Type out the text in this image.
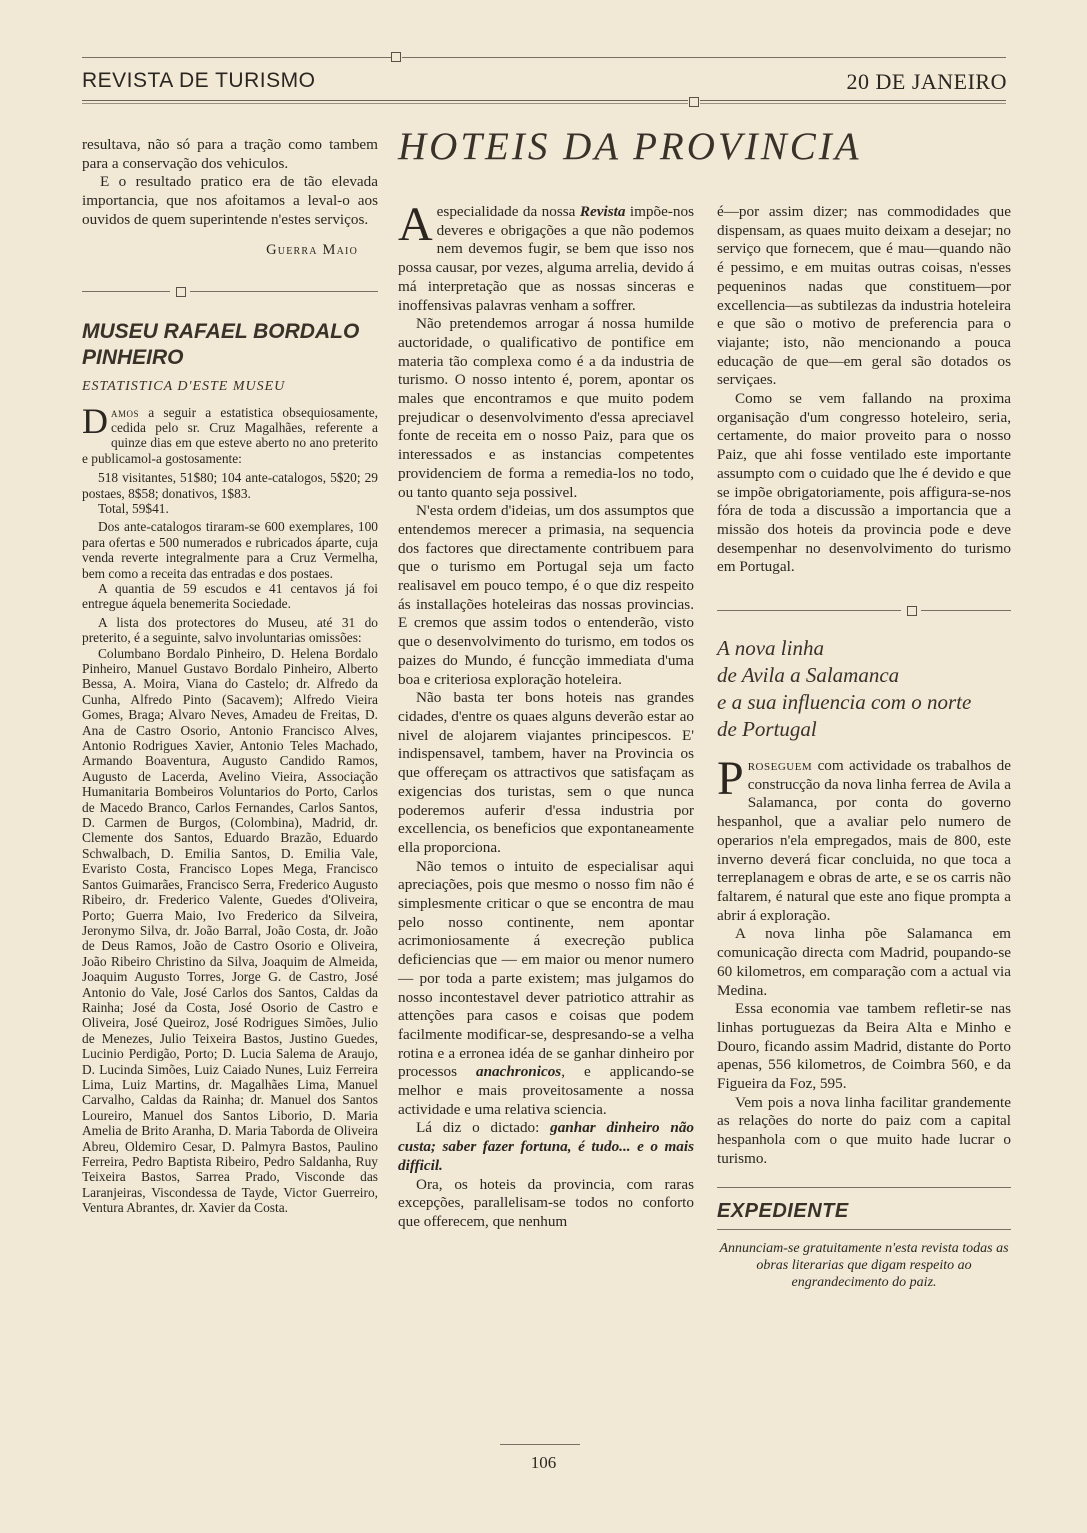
REVISTA DE TURISMO	20 DE JANEIRO

resultava, não só para a tração como tambem para a conservação dos vehiculos.

E o resultado pratico era de tão elevada importancia, que nos afoitamos a leval-o aos ouvidos de quem superintende n'estes serviços.

Guerra Maio
MUSEU RAFAEL BORDALO PINHEIRO
ESTATISTICA D'ESTE MUSEU

Damos a seguir a estatistica obsequiosamente, cedida pelo sr. Cruz Magalhães, referente a quinze dias em que esteve aberto no ano preterito e publicamol-a gostosamente:

518 visitantes, 51$80; 104 ante-catalogos, 5$20; 29 postaes, 8$58; donativos, 1$83.

Total, 59$41.

Dos ante-catalogos tiraram-se 600 exemplares, 100 para ofertas e 500 numerados e rubricados ápartе, cuja venda reverte integralmente para a Cruz Vermelha, bem como a receita das entradas e dos postaes.

A quantia de 59 escudos e 41 centavos já foi entregue áquela benemerita Sociedade.

A lista dos protectores do Museu, até 31 do preterito, é a seguinte, salvo involuntarias omissões:

Columbano Bordalo Pinheiro, D. Helena Bordalo Pinheiro, Manuel Gustavo Bordalo Pinheiro, Alberto Bessa, A. Moira, Viana do Castelo; dr. Alfredo da Cunha, Alfredo Pinto (Sacavem); Alfredo Vieira Gomes, Braga; Alvaro Neves, Amadeu de Freitas, D. Ana de Castro Osorio, Antonio Francisco Alves, Antonio Rodrigues Xavier, Antonio Teles Machado, Armando Boaventura, Augusto Candido Ramos, Augusto de Lacerda, Avelino Vieira, Associação Humanitaria Bombeiros Voluntarios do Porto, Carlos de Macedo Branco, Carlos Fernandes, Carlos Santos, D. Carmen de Burgos, (Colombina), Madrid, dr. Clemente dos Santos, Eduardo Brazão, Eduardo Schwalbach, D. Emilia Santos, D. Emilia Vale, Evaristo Costa, Francisco Lopes Mega, Francisco Santos Guimarães, Francisco Serra, Frederico Augusto Ribeiro, dr. Frederico Valente, Guedes d'Oliveira, Porto; Guerra Maio, Ivo Frederico da Silveira, Jeronymo Silva, dr. João Barral, João Costa, dr. João de Deus Ramos, João de Castro Osorio e Oliveira, João Ribeiro Christino da Silva, Joaquim de Almeida, Joaquim Augusto Torres, Jorge G. de Castro, José Antonio do Vale, José Carlos dos Santos, Caldas da Rainha; José da Costa, José Osorio de Castro e Oliveira, José Queiroz, José Rodrigues Simões, Julio de Menezes, Julio Teixeira Bastos, Justino Guedes, Lucinio Perdigão, Porto; D. Lucia Salema de Araujo, D. Lucinda Simões, Luiz Caiado Nunes, Luiz Ferreira Lima, Luiz Martins, dr. Magalhães Lima, Manuel Carvalho, Caldas da Rainha; dr. Manuel dos Santos Loureiro, Manuel dos Santos Liborio, D. Maria Amelia de Brito Aranha, D. Maria Taborda de Oliveira Abreu, Oldemiro Cesar, D. Palmyra Bastos, Paulino Ferreira, Pedro Baptista Ribeiro, Pedro Saldanha, Ruy Teixeira Bastos, Sarrea Prado, Visconde das Laranjeiras, Viscondessa de Tayde, Victor Guerreiro, Ventura Abrantes, dr. Xavier da Costa.

HOTEIS DA PROVINCIA

A especialidade da nossa Revista impõe-nos deveres e obrigações a que não podemos nem devemos fugir, se bem que isso nos possa causar, por vezes, alguma arrelia, devido á má interpretação que as nossas sinceras e inoffensivas palavras venham a soffrer.

Não pretendemos arrogar á nossa humilde auctoridade, o qualificativo de pontifice em materia tão complexa como é a da industria de turismo. O nosso intento é, porem, apontar os males que encontramos e que muito podem prejudicar o desenvolvimento d'essa apreciavel fonte de receita em o nosso Paiz, para que os interessados e as instancias competentes providenciem de forma a remedia-los no todo, ou tanto quanto seja possivel.

N'esta ordem d'ideias, um dos assumptos que entendemos merecer a primasia, na sequencia dos factores que directamente contribuem para que o turismo em Portugal seja um facto realisavel em pouco tempo, é o que diz respeito ás installações hoteleiras das nossas provincias. E cremos que assim todos o entenderão, visto que o desenvolvimento do turismo, em todos os paizes do Mundo, é funcção immediata d'uma boa e criteriosa exploração hoteleira.

Não basta ter bons hoteis nas grandes cidades, d'entre os quaes alguns deverão estar ao nivel de alojarem viajantes principescos. E' indispensavel, tambem, haver na Provincia os que offereçam os attractivos que satisfaçam as exigencias dos turistas, sem o que nunca poderemos auferir d'essa industria por excellencia, os beneficios que expontaneamente ella proporciona.

Não temos o intuito de especialisar aqui apreciações, pois que mesmo o nosso fim não é simplesmente criticar o que se encontra de mau pelo nosso continente, nem apontar acrimoniosamente á execreção publica deficiencias que — em maior ou menor numero — por toda a parte existem; mas julgamos do nosso incontestavel dever patriotico attrahir as attenções para casos e coisas que podem facilmente modificar-se, despresando-se a velha rotina e a erronea idéa de se ganhar dinheiro por processos anachronicos, e applicando-se melhor e mais proveitosamente a nossa actividade e uma relativa sciencia.

Lá diz o dictado: ganhar dinheiro não custa; saber fazer fortuna, é tudo... e o mais difficil.

Ora, os hoteis da provincia, com raras excepções, parallelisam-se todos no conforto que offerecem, que nenhum

é—por assim dizer; nas commodidades que dispensam, as quaes muito deixam a desejar; no serviço que fornecem, que é mau—quando não é pessimo, e em muitas outras coisas, n'esses pequeninos nadas que constituem—por excellencia—as subtilezas da industria hoteleira e que são o motivo de preferencia para o viajante; isto, não mencionando a pouca educação de que—em geral são dotados os serviçaes.

Como se vem fallando na proxima organisação d'um congresso hoteleiro, seria, certamente, do maior proveito para o nosso Paiz, que ahi fosse ventilado este importante assumpto com o cuidado que lhe é devido e que se impõe obrigatoriamente, pois affigura-se-nos fóra de toda a discussão a importancia que a missão dos hoteis da provincia pode e deve desempenhar no desenvolvimento do turismo em Portugal.

A nova linha
de Avila a Salamanca
e a sua influencia com o norte
de Portugal

Proseguem com actividade os trabalhos de construcção da nova linha ferrea de Avila a Salamanca, por conta do governo hespanhol, que a avaliar pelo numero de operarios n'ela empregados, mais de 800, este inverno deverá ficar concluida, no que toca a terreplanagem e obras de arte, e se os carris não faltarem, é natural que este ano fique prompta a abrir á exploração.

A nova linha põe Salamanca em comunicação directa com Madrid, poupando-se 60 kilometros, em comparação com a actual via Medina.

Essa economia vae tambem refletir-se nas linhas portuguezas da Beira Alta e Minho e Douro, ficando assim Madrid, distante do Porto apenas, 556 kilometros, de Coimbra 560, e da Figueira da Foz, 595.

Vem pois a nova linha facilitar grandemente as relações do norte do paiz com a capital hespanhola com o que muito hade lucrar o turismo.

EXPEDIENTE

Annunciam-se gratuitamente n'esta revista todas as obras literarias que digam respeito ao engrandecimento do paiz.

106
